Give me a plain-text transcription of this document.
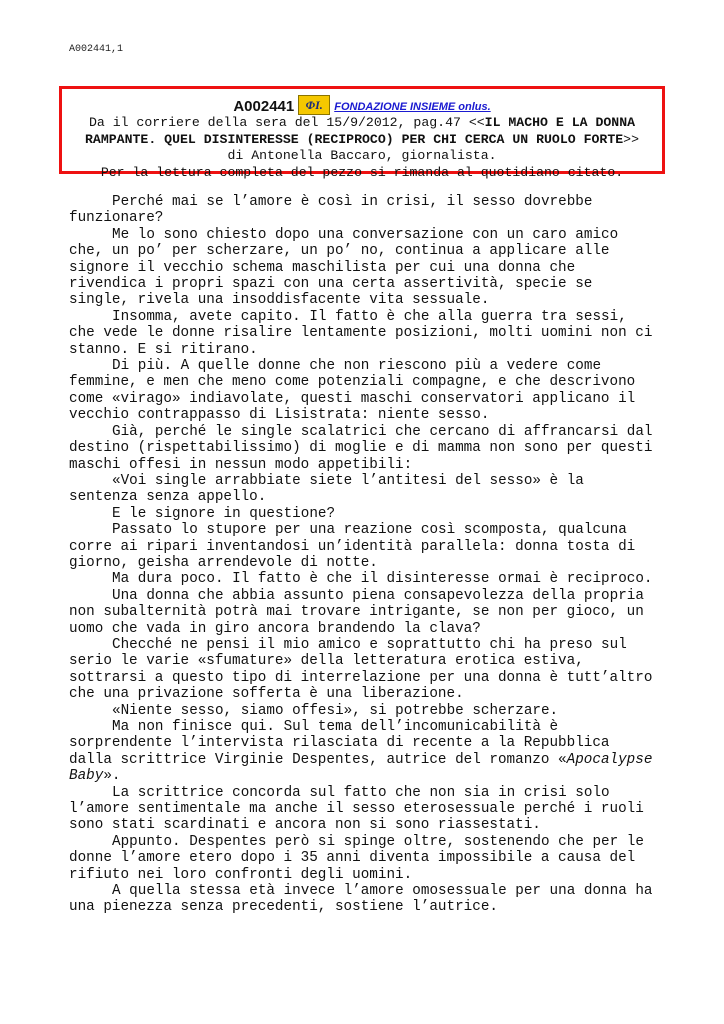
A002441,1
A002441 ΦI.	FONDAZIONE INSIEME onlus.
Da il corriere della sera del 15/9/2012, pag.47 <<IL MACHO E LA DONNA
RAMPANTE. QUEL DISINTERESSE (RECIPROCO) PER CHI CERCA UN RUOLO FORTE>>
di Antonella Baccaro, giornalista.
Per la lettura completa del pezzo si rimanda al quotidiano citato.

Perché mai se l’amore è così in crisi, il sesso dovrebbe funzionare?

Me lo sono chiesto dopo una conversazione con un caro amico che, un po’ per scherzare, un po’ no, continua a applicare alle signore il vecchio schema maschilista per cui una donna che rivendica i propri spazi con una certa assertività, specie se single, rivela una insoddisfacente vita sessuale.

Insomma, avete capito. Il fatto è che alla guerra tra sessi, che vede le donne risalire lentamente posizioni, molti uomini non ci stanno. E si ritirano.

Di più. A quelle donne che non riescono più a vedere come femmine, e men che meno come potenziali compagne, e che descrivono come «virago» indiavolate, questi maschi conservatori applicano il vecchio contrappasso di Lisistrata: niente sesso.

Già, perché le single scalatrici che cercano di affrancarsi dal destino (rispettabilissimo) di moglie e di mamma non sono per questi maschi offesi in nessun modo appetibili:

«Voi single arrabbiate siete l’antitesi del sesso» è la sentenza senza appello.

E le signore in questione?

Passato lo stupore per una reazione così scomposta, qualcuna corre ai ripari inventandosi un’identità parallela: donna tosta di giorno, geisha arrendevole di notte.

Ma dura poco. Il fatto è che il disinteresse ormai è reciproco.

Una donna che abbia assunto piena consapevolezza della propria non subalternità potrà mai trovare intrigante, se non per gioco, un uomo che vada in giro ancora brandendo la clava?

Checché ne pensi il mio amico e soprattutto chi ha preso sul serio le varie «sfumature» della letteratura erotica estiva, sottrarsi a questo tipo di interrelazione per una donna è tutt’altro che una privazione sofferta è una liberazione.

«Niente sesso, siamo offesi», si potrebbe scherzare.

Ma non finisce qui. Sul tema dell’incomunicabilità è sorprendente l’intervista rilasciata di recente a la Repubblica dalla scrittrice Virginie Despentes, autrice del romanzo «Apocalypse Baby».

La scrittrice concorda sul fatto che non sia in crisi solo l’amore sentimentale ma anche il sesso eterosessuale perché i ruoli sono stati scardinati e ancora non si sono riassestati.

Appunto. Despentes però si spinge oltre, sostenendo che per le donne l’amore etero dopo i 35 anni diventa impossibile a causa del rifiuto nei loro confronti degli uomini.

A quella stessa età invece l’amore omosessuale per una donna ha una pienezza senza precedenti, sostiene l’autrice.
